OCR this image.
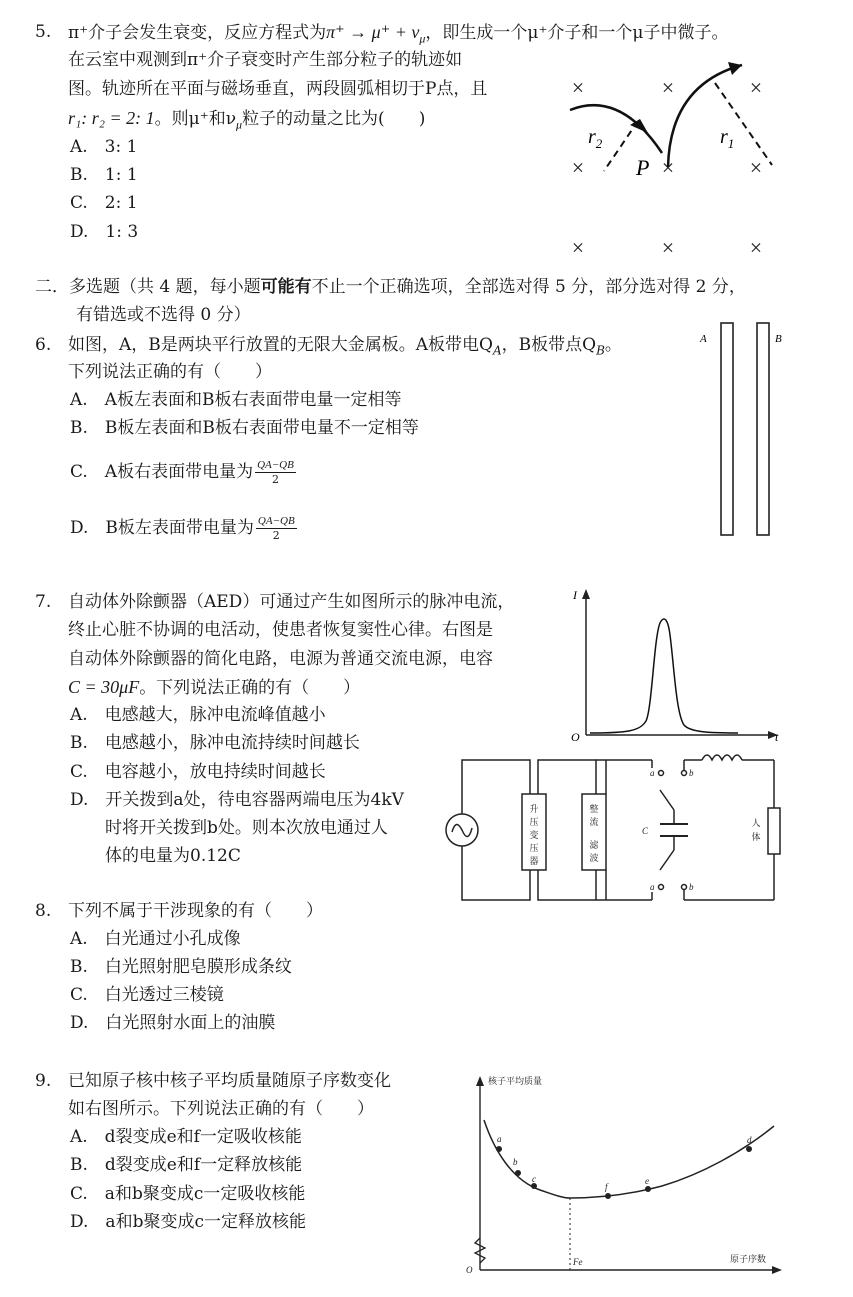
5. π⁺介子会发生衰变，反应方程式为$\pi^+ \to \mu^+ + \nu_\mu$，即生成一个μ⁺介子和一个μ子中微子。
在云室中观测到π⁺介子衰变时产生部分粒子的轨迹如
图。轨迹所在平面与磁场垂直，两段圆弧相切于P点，且
r₁: r₂ = 2: 1。则μ⁺和$\nu_\mu$粒子的动量之比为(　　)
A.　3: 1
B.　1: 1
C.　2: 1
D.　1: 3
×	×	×
×	×	×
×	×	×
$r_2$	$r_1$
P
二．多选题（共 4 题，每小题可能有不止一个正确选项，全部选对得 5 分，部分选对得 2 分，
有错选或不选得 0 分）
6. 如图，A，B是两块平行放置的无限大金属板。A板带电$Q_A$，B板带点$Q_B$。
下列说法正确的有（　　）
A.　A板左表面和B板右表面带电量一定相等
B.　B板左表面和B板右表面带电量不一定相等
C.　A板右表面带电量为 $\frac{QA-QB}{2}$
D.　B板左表面带电量为 $\frac{QA-QB}{2}$
A	B
7. 自动体外除颤器（AED）可通过产生如图所示的脉冲电流，
终止心脏不协调的电活动，使患者恢复窦性心律。右图是
自动体外除颤器的简化电路，电源为普通交流电源，电容
C = 30μF。下列说法正确的有（　　）
A.　电感越大，脉冲电流峰值越小
B.　电感越小，脉冲电流持续时间越长
C.　电容越小，放电持续时间越长
D.　开关拨到a处，待电容器两端电压为4kV
时将开关拨到b处。则本次放电通过人
体的电量为0.12C
I
O	t
升
压
变
压
器
整
流
滤
波
人
体
a	b
a	b
C
8. 下列不属于干涉现象的有（　　）
A.　白光通过小孔成像
B.　白光照射肥皂膜形成条纹
C.　白光透过三棱镜
D.　白光照射水面上的油膜
9. 已知原子核中核子平均质量随原子序数变化
如右图所示。下列说法正确的有（　　）
A.　d裂变成e和f一定吸收核能
B.　d裂变成e和f一定释放核能
C.　a和b聚变成c一定吸收核能
D.　a和b聚变成c一定释放核能
a
b
c
f
e
d
O
Fe
核子平均质量
原子序数
